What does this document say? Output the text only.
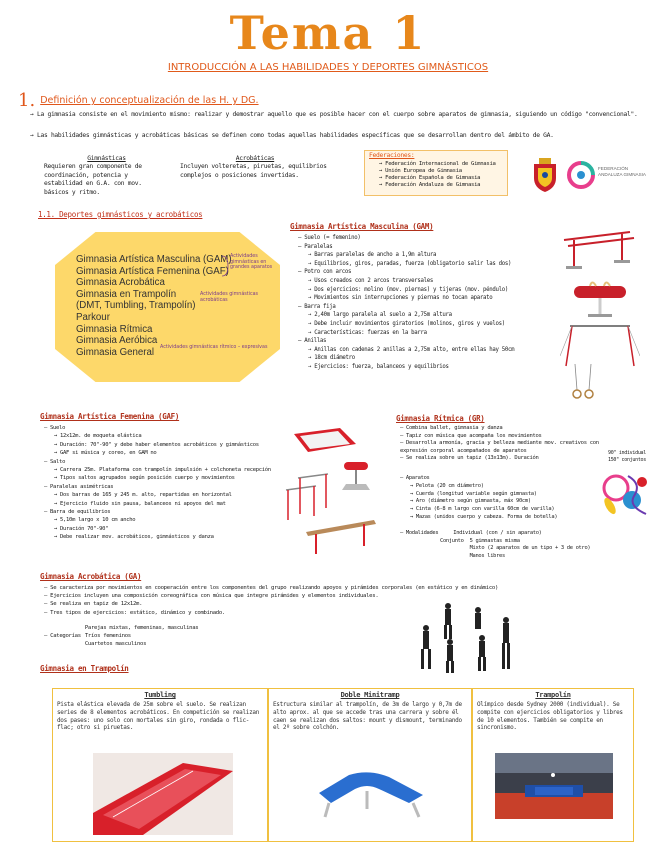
Tema 1
INTRODUCCIÓN A LAS HABILIDADES Y DEPORTES GIMNÁSTICOS
1. Definición y conceptualización de las H. y DG.
→ La gimnasia consiste en el movimiento mismo: realizar y demostrar aquello que es posible hacer con el cuerpo sobre aparatos de gimnasia, siguiendo un código "convencional".
→ Las habilidades gimnásticas y acrobáticas básicas se definen como todas aquellas habilidades específicas que se desarrollan dentro del ámbito de GA.
Gimnásticas
Requieren gran componente de coordinación, potencia y estabilidad en G.A. con mov. básicos y ritmo.
Acrobáticas
Incluyen volteretas, piruetas, equilibrios complejos o posiciones invertidas.
Federaciones:
→ Federación Internacional de Gimnasia
→ Unión Europea de Gimnasia
→ Federación Española de Gimnasia
→ Federación Andaluza de Gimnasia
FEDERACIÓN ANDALUZA GIMNASIA
1.1. Deportes gimnásticos y acrobáticos
Gimnasia Artística Masculina (GAM)
Gimnasia Artística Femenina (GAF)
Gimnasia Acrobática
Gimnasia en Trampolín
(DMT, Tumbling, Trampolín)
Parkour
Gimnasia Rítmica
Gimnasia Aeróbica
Gimnasia General
Actividades gimnásticas en grandes aparatos
Actividades gimnásticas acrobáticas
Actividades gimnásticas rítmico – expresivas
Gimnasia Artística Masculina (GAM)
– Suelo (= femenino)
– Paralelas
→ Barras paralelas de ancho a 1,9m altura
→ Equilibrios, giros, paradas, fuerza (obligatorio salir las dos)
– Potro con arcos
→ Usos creados con 2 arcos transversales
→ Dos ejercicios: molino (mov. piernas) y tijeras (mov. péndulo)
→ Movimientos sin interrupciones y piernas no tocan aparato
– Barra fija
→ 2,40m largo paralela al suelo a 2,75m altura
→ Debe incluir movimientos giratorios (molinos, giros y vuelos)
→ Características: fuerzas en la barra
– Anillas
→ Anillas con cadenas 2 anillas a 2,75m alto, entre ellas hay 50cm
→ 18cm diámetro
→ Ejercicios: fuerza, balanceos y equilibrios
Gimnasia Artística Femenina (GAF)
– Suelo
→ 12x12m. de moqueta elástica
→ Duración: 70"-90" y debe haber elementos acrobáticos y gimnásticos
→ GAF si música y coreo, en GAM no
– Salto
→ Carrera 25m. Plataforma con trampolín impulsión + colchoneta recepción
→ Tipos saltos agrupados según posición cuerpo y movimientos
– Paralelas asimétricas
→ Dos barras de 165 y 245 m. alto, repartidas en horizontal
→ Ejercicio fluido sin pausa, balanceos ni apoyos del mat
– Barra de equilibrios
→ 5,10m largo x 10 cm ancho
→ Duración 70"-90"
→ Debe realizar mov. acrobáticos, gimnásticos y danza
Gimnasia Rítmica (GR)
– Combina ballet, gimnasia y danza
– Tapiz con música que acompaña los movimientos
– Desarrolla armonía, gracia y belleza mediante mov. creativos con expresión corporal acompañados de aparatos
– Se realiza sobre un tapiz (13x13m). Duración
90" individual
150" conjuntos
– Aparatos
→ Pelota (20 cm diámetro)
→ Cuerda (longitud variable según gimnasta)
→ Aro (diámetro según gimnasta, máx 90cm)
→ Cinta (6-8 m largo con varilla 60cm de varilla)
→ Mazas (unidos cuerpo y cabeza. Forma de botella)
– Modalidades	Individual (con / sin aparato)
Conjunto 5 gimnastas misma
Mixto (2 aparatos de un tipo + 3 de otro)
Manos libres
Gimnasia Acrobática (GA)
– Se caracteriza por movimientos en cooperación entre los componentes del grupo realizando apoyos y pirámides corporales (en estático y en dinámico)
– Ejercicios incluyen una composición coreográfica con música que integre pirámides y elementos individuales.
– Se realiza en tapiz de 12x12m.
– Tres tipos de ejercicios: estático, dinámico y combinado.
– Categorías
Parejas mixtas, femeninas, masculinas
Tríos femeninos
Cuartetos masculinos
Gimnasia en Trampolín
Tumbling
Pista elástica elevada de 25m sobre el suelo. Se realizan series de 8 elementos acrobáticos. En competición se realizan dos pases: uno solo con mortales sin giro, rondada o flic-flac; otro si piruetas.
Doble Minitramp
Estructura similar al trampolín, de 3m de largo y 0,7m de alto aprox. al que se accede tras una carrera y sobre él caen se realizan dos saltos: mount y dismount, terminando el 2º sobre colchón.
Trampolín
Olímpico desde Sydney 2000 (individual). Se compite con ejercicios obligatorios y libres de 10 elementos. También se compite en sincronismo.
